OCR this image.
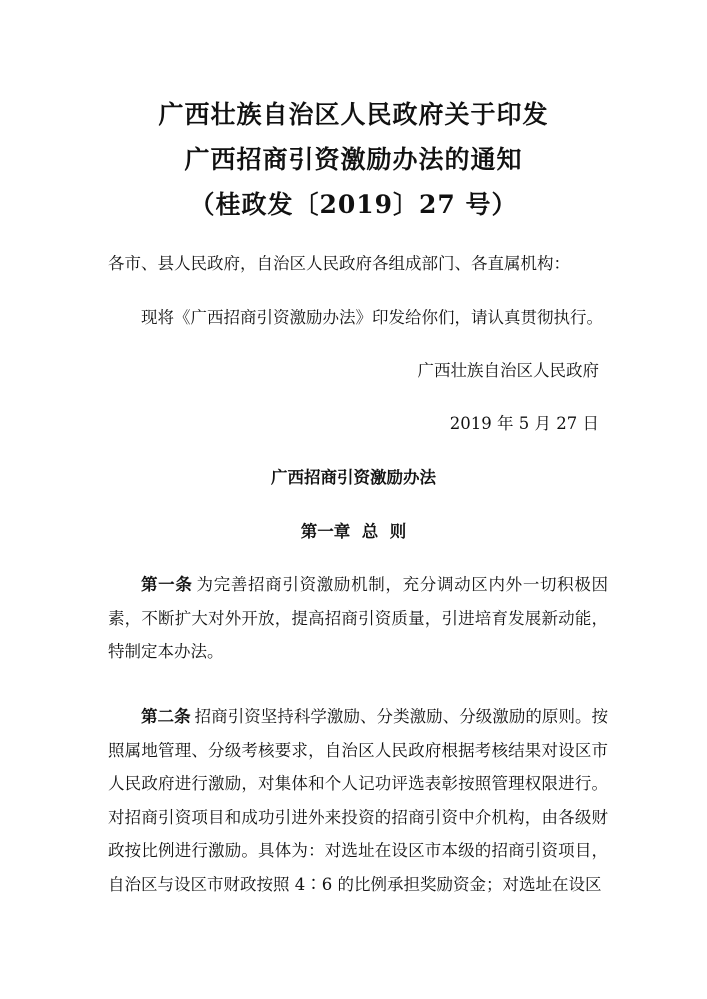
广西壮族自治区人民政府关于印发
广西招商引资激励办法的通知
（桂政发〔2019〕27 号）
各市、县人民政府，自治区人民政府各组成部门、各直属机构：
现将《广西招商引资激励办法》印发给你们，请认真贯彻执行。
广西壮族自治区人民政府
2019 年 5 月 27 日
广西招商引资激励办法
第一章  总  则

第一条 为完善招商引资激励机制，充分调动区内外一切积极因素，不断扩大对外开放，提高招商引资质量，引进培育发展新动能，特制定本办法。

第二条 招商引资坚持科学激励、分类激励、分级激励的原则。按照属地管理、分级考核要求，自治区人民政府根据考核结果对设区市人民政府进行激励，对集体和个人记功评选表彰按照管理权限进行。对招商引资项目和成功引进外来投资的招商引资中介机构，由各级财政按比例进行激励。具体为：对选址在设区市本级的招商引资项目，自治区与设区市财政按照 4∶6 的比例承担奖励资金；对选址在设区
